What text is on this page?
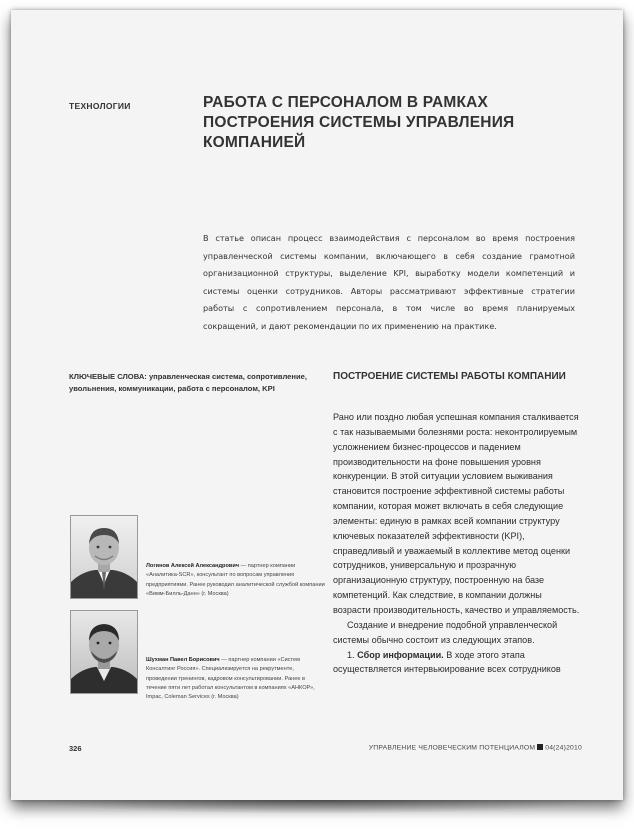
ТЕХНОЛОГИИ	РАБОТА С ПЕРСОНАЛОМ В РАМКАХ ПОСТРОЕНИЯ СИСТЕМЫ УПРАВЛЕНИЯ КОМПАНИЕЙ
В статье описан процесс взаимодействия с персоналом во время построения управленческой системы компании, включающего в себя создание грамотной организационной структуры, выделение KPI, выработку модели компетенций и системы оценки сотрудников. Авторы рассматривают эффективные стратегии работы с сопротивлением персонала, в том числе во время планируемых сокращений, и дают рекомендации по их применению на практике.
КЛЮЧЕВЫЕ СЛОВА: управленческая система, сопротивление, увольнения, коммуникации, работа с персоналом, KPI
ПОСТРОЕНИЕ СИСТЕМЫ РАБОТЫ КОМПАНИИ

Рано или поздно любая успешная компания сталкивается с так называемыми болезнями роста: неконтролируемым усложнением бизнес-процессов и падением производительности на фоне повышения уровня конкуренции. В этой ситуации условием выживания становится построение эффективной системы работы компании, которая может включать в себя следующие элементы: единую в рамках всей компании структуру ключевых показателей эффективности (KPI), справедливый и уважаемый в коллективе метод оценки сотрудников, универсальную и прозрачную организационную структуру, построенную на базе компетенций. Как следствие, в компании должны возрасти производительность, качество и управляемость.

Создание и внедрение подобной управленческой системы обычно состоит из следующих этапов.

1. Сбор информации. В ходе этого этапа осуществляется интервьюирование всех сотрудников

Логинов Алексей Александрович — партнер компании «Аналитика-SCR», консультант по вопросам управления предприятиями. Ранее руководил аналитической службой компании «Вимм-Билль-Данн» (г. Москва)
Шухман Павел Борисович — партнер компании «Систем Консалтинг Россия». Специализируется на рекрутменте, проведении тренингов, кадровом консультировании. Ранее в течение пяти лет работал консультантом в компаниях «АНКОР», Impac, Coleman Services (г. Москва)
326	УПРАВЛЕНИЕ ЧЕЛОВЕЧЕСКИМ ПОТЕНЦИАЛОМ 04(24)2010
